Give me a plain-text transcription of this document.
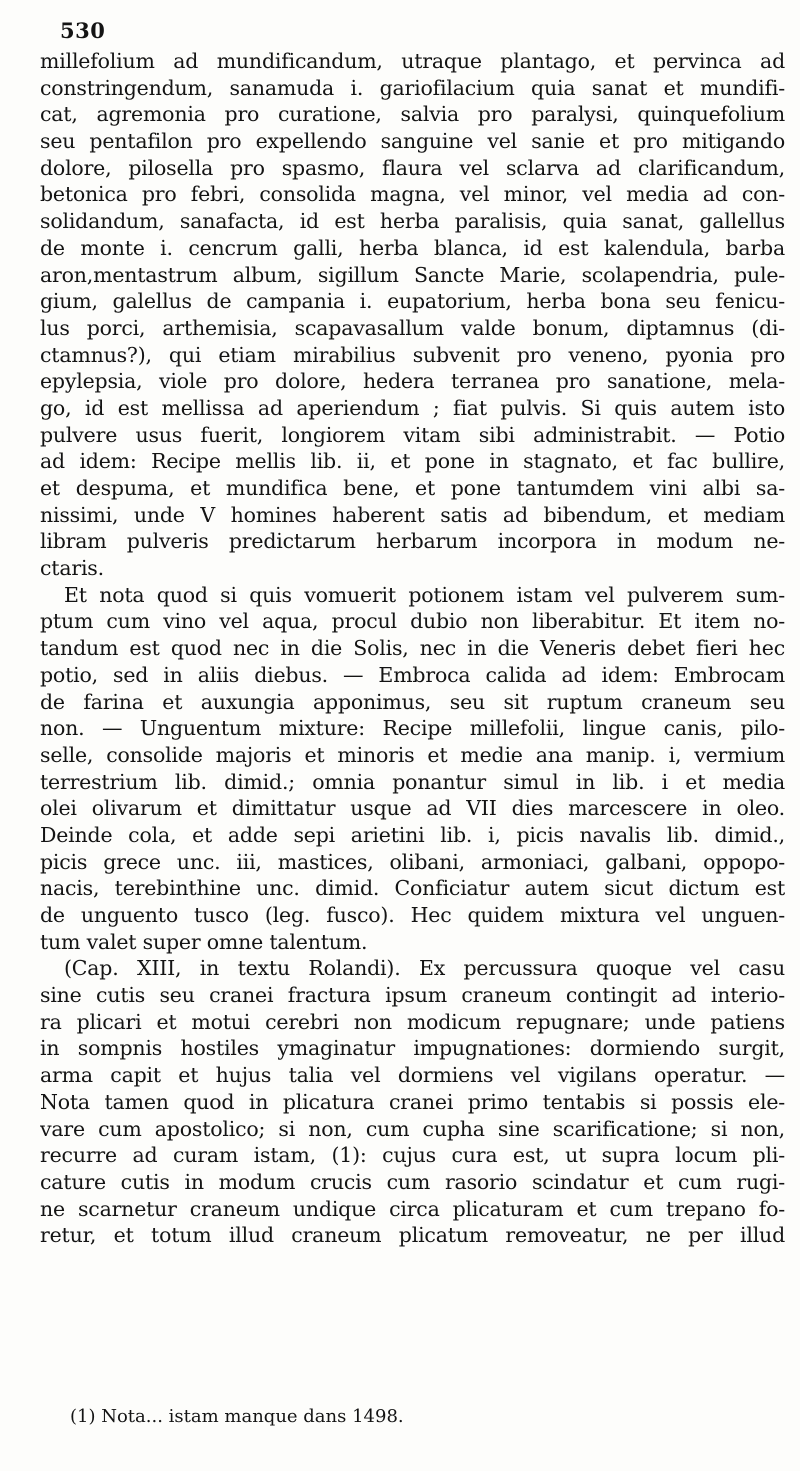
530
millefolium ad mundificandum, utraque plantago, et pervinca ad
constringendum, sanamuda i. gariofilacium quia sanat et mundifi-
cat, agremonia pro curatione, salvia pro paralysi, quinquefolium
seu pentafilon pro expellendo sanguine vel sanie et pro mitigando
dolore, pilosella pro spasmo, flaura vel sclarva ad clarificandum,
betonica pro febri, consolida magna, vel minor, vel media ad con-
solidandum, sanafacta, id est herba paralisis, quia sanat, gallellus
de monte i. cencrum galli, herba blanca, id est kalendula, barba
aron,mentastrum album, sigillum Sancte Marie, scolapendria, pule-
gium, galellus de campania i. eupatorium, herba bona seu fenicu-
lus porci, arthemisia, scapavasallum valde bonum, diptamnus (di-
ctamnus?), qui etiam mirabilius subvenit pro veneno, pyonia pro
epylepsia, viole pro dolore, hedera terranea pro sanatione, mela-
go, id est mellissa ad aperiendum ; fiat pulvis. Si quis autem isto
pulvere usus fuerit, longiorem vitam sibi administrabit. — Potio
ad idem: Recipe mellis lib. ii, et pone in stagnato, et fac bullire,
et despuma, et mundifica bene, et pone tantumdem vini albi sa-
nissimi, unde V homines haberent satis ad bibendum, et mediam
libram pulveris predictarum herbarum incorpora in modum ne-
ctaris.
Et nota quod si quis vomuerit potionem istam vel pulverem sum-
ptum cum vino vel aqua, procul dubio non liberabitur. Et item no-
tandum est quod nec in die Solis, nec in die Veneris debet fieri hec
potio, sed in aliis diebus. — Embroca calida ad idem: Embrocam
de farina et auxungia apponimus, seu sit ruptum craneum seu
non. — Unguentum mixture: Recipe millefolii, lingue canis, pilo-
selle, consolide majoris et minoris et medie ana manip. i, vermium
terrestrium lib. dimid.; omnia ponantur simul in lib. i et media
olei olivarum et dimittatur usque ad VII dies marcescere in oleo.
Deinde cola, et adde sepi arietini lib. i, picis navalis lib. dimid.,
picis grece unc. iii, mastices, olibani, armoniaci, galbani, oppopo-
nacis, terebinthine unc. dimid. Conficiatur autem sicut dictum est
de unguento tusco (leg. fusco). Hec quidem mixtura vel unguen-
tum valet super omne talentum.
(Cap. XIII, in textu Rolandi). Ex percussura quoque vel casu
sine cutis seu cranei fractura ipsum craneum contingit ad interio-
ra plicari et motui cerebri non modicum repugnare; unde patiens
in sompnis hostiles ymaginatur impugnationes: dormiendo surgit,
arma capit et hujus talia vel dormiens vel vigilans operatur. —
Nota tamen quod in plicatura cranei primo tentabis si possis ele-
vare cum apostolico; si non, cum cupha sine scarificatione; si non,
recurre ad curam istam, (1): cujus cura est, ut supra locum pli-
cature cutis in modum crucis cum rasorio scindatur et cum rugi-
ne scarnetur craneum undique circa plicaturam et cum trepano fo-
retur, et totum illud craneum plicatum removeatur, ne per illud
(1) Nota... istam manque dans 1498.
